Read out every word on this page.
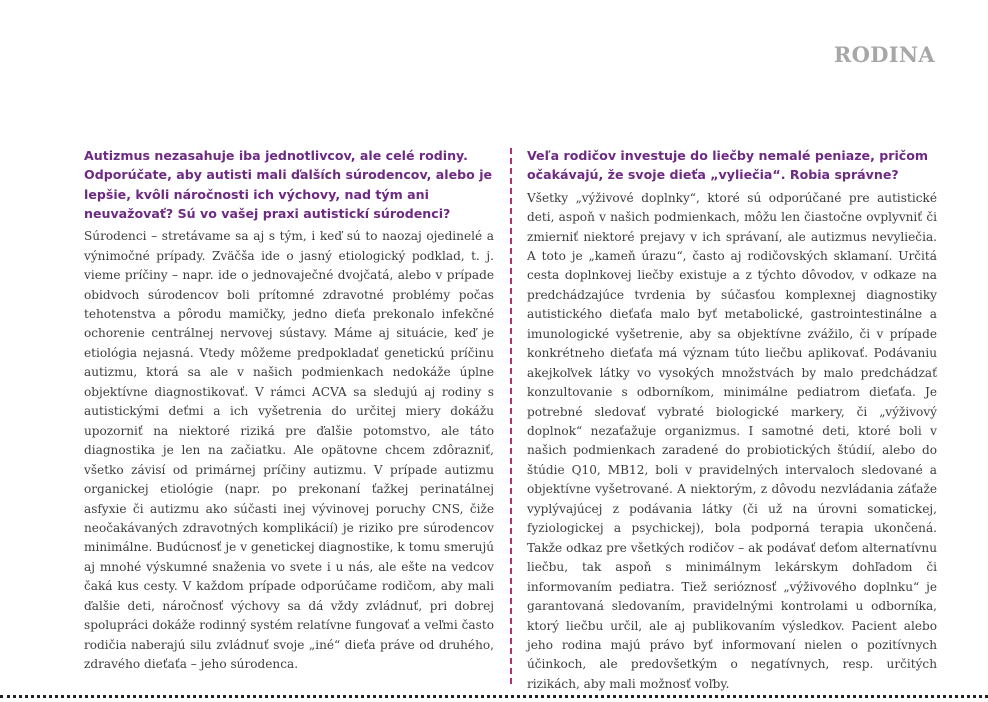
RODINA

Autizmus nezasahuje iba jednotlivcov, ale celé rodiny. Odporúčate, aby autisti mali ďalších súrodencov, alebo je lepšie, kvôli náročnosti ich výchovy, nad tým ani neuvažovať? Sú vo vašej praxi autistickí súrodenci?

Súrodenci – stretávame sa aj s tým, i keď sú to naozaj ojedinelé a výnimočné prípady. Zväčša ide o jasný etiologický podklad, t. j. vieme príčiny – napr. ide o jednovaječné dvojčatá, alebo v prípade obidvoch súrodencov boli prítomné zdravotné problémy počas tehotenstva a pôrodu mamičky, jedno dieťa prekonalo infekčné ochorenie centrálnej nervovej sústavy. Máme aj situácie, keď je etiológia nejasná. Vtedy môžeme predpokladať genetickú príčinu autizmu, ktorá sa ale v našich podmienkach nedokáže úplne objektívne diagnostikovať. V rámci ACVA sa sledujú aj rodiny s autistickými deťmi a ich vyšetrenia do určitej miery dokážu upozorniť na niektoré riziká pre ďalšie potomstvo, ale táto diagnostika je len na začiatku. Ale opätovne chcem zdôrazniť, všetko závisí od primárnej príčiny autizmu. V prípade autizmu organickej etiológie (napr. po prekonaní ťažkej perinatálnej asfyxie či autizmu ako súčasti inej vývinovej poruchy CNS, čiže neočakávaných zdravotných komplikácií) je riziko pre súrodencov minimálne. Budúcnosť je v genetickej diagnostike, k tomu smerujú aj mnohé výskumné snaženia vo svete i u nás, ale ešte na vedcov čaká kus cesty. V každom prípade odporúčame rodičom, aby mali ďalšie deti, náročnosť výchovy sa dá vždy zvládnuť, pri dobrej spolupráci dokáže rodinný systém relatívne fungovať a veľmi často rodičia naberajú silu zvládnuť svoje „iné“ dieťa práve od druhého, zdravého dieťaťa – jeho súrodenca.

Veľa rodičov investuje do liečby nemalé peniaze, pričom očakávajú, že svoje dieťa „vyliečia“. Robia správne?

Všetky „výživové doplnky“, ktoré sú odporúčané pre autistické deti, aspoň v našich podmienkach, môžu len čiastočne ovplyvniť či zmierniť niektoré prejavy v ich správaní, ale autizmus nevyliečia. A toto je „kameň úrazu“, často aj rodičovských sklamaní. Určitá cesta doplnkovej liečby existuje a z týchto dôvodov, v odkaze na predchádzajúce tvrdenia by súčasťou komplexnej diagnostiky autistického dieťaťa malo byť metabolické, gastrointestinálne a imunologické vyšetrenie, aby sa objektívne zvážilo, či v prípade konkrétneho dieťaťa má význam túto liečbu aplikovať. Podávaniu akejkoľvek látky vo vysokých množstvách by malo predchádzať konzultovanie s odborníkom, minimálne pediatrom dieťaťa. Je potrebné sledovať vybraté biologické markery, či „výživový doplnok“ nezaťažuje organizmus. I samotné deti, ktoré boli v našich podmienkach zaradené do probiotických štúdií, alebo do štúdie Q10, MB12, boli v pravidelných intervaloch sledované a objektívne vyšetrované. A niektorým, z dôvodu nezvládania záťaže vyplývajúcej z podávania látky (či už na úrovni somatickej, fyziologickej a psychickej), bola podporná terapia ukončená. Takže odkaz pre všetkých rodičov – ak podávať deťom alternatívnu liečbu, tak aspoň s minimálnym lekárskym dohľadom či informovaním pediatra. Tiež serióznosť „výživového doplnku“ je garantovaná sledovaním, pravidelnými kontrolami u odborníka, ktorý liečbu určil, ale aj publikovaním výsledkov. Pacient alebo jeho rodina majú právo byť informovaní nielen o pozitívnych účinkoch, ale predovšetkým o negatívnych, resp. určitých rizikách, aby mali možnosť voľby.
